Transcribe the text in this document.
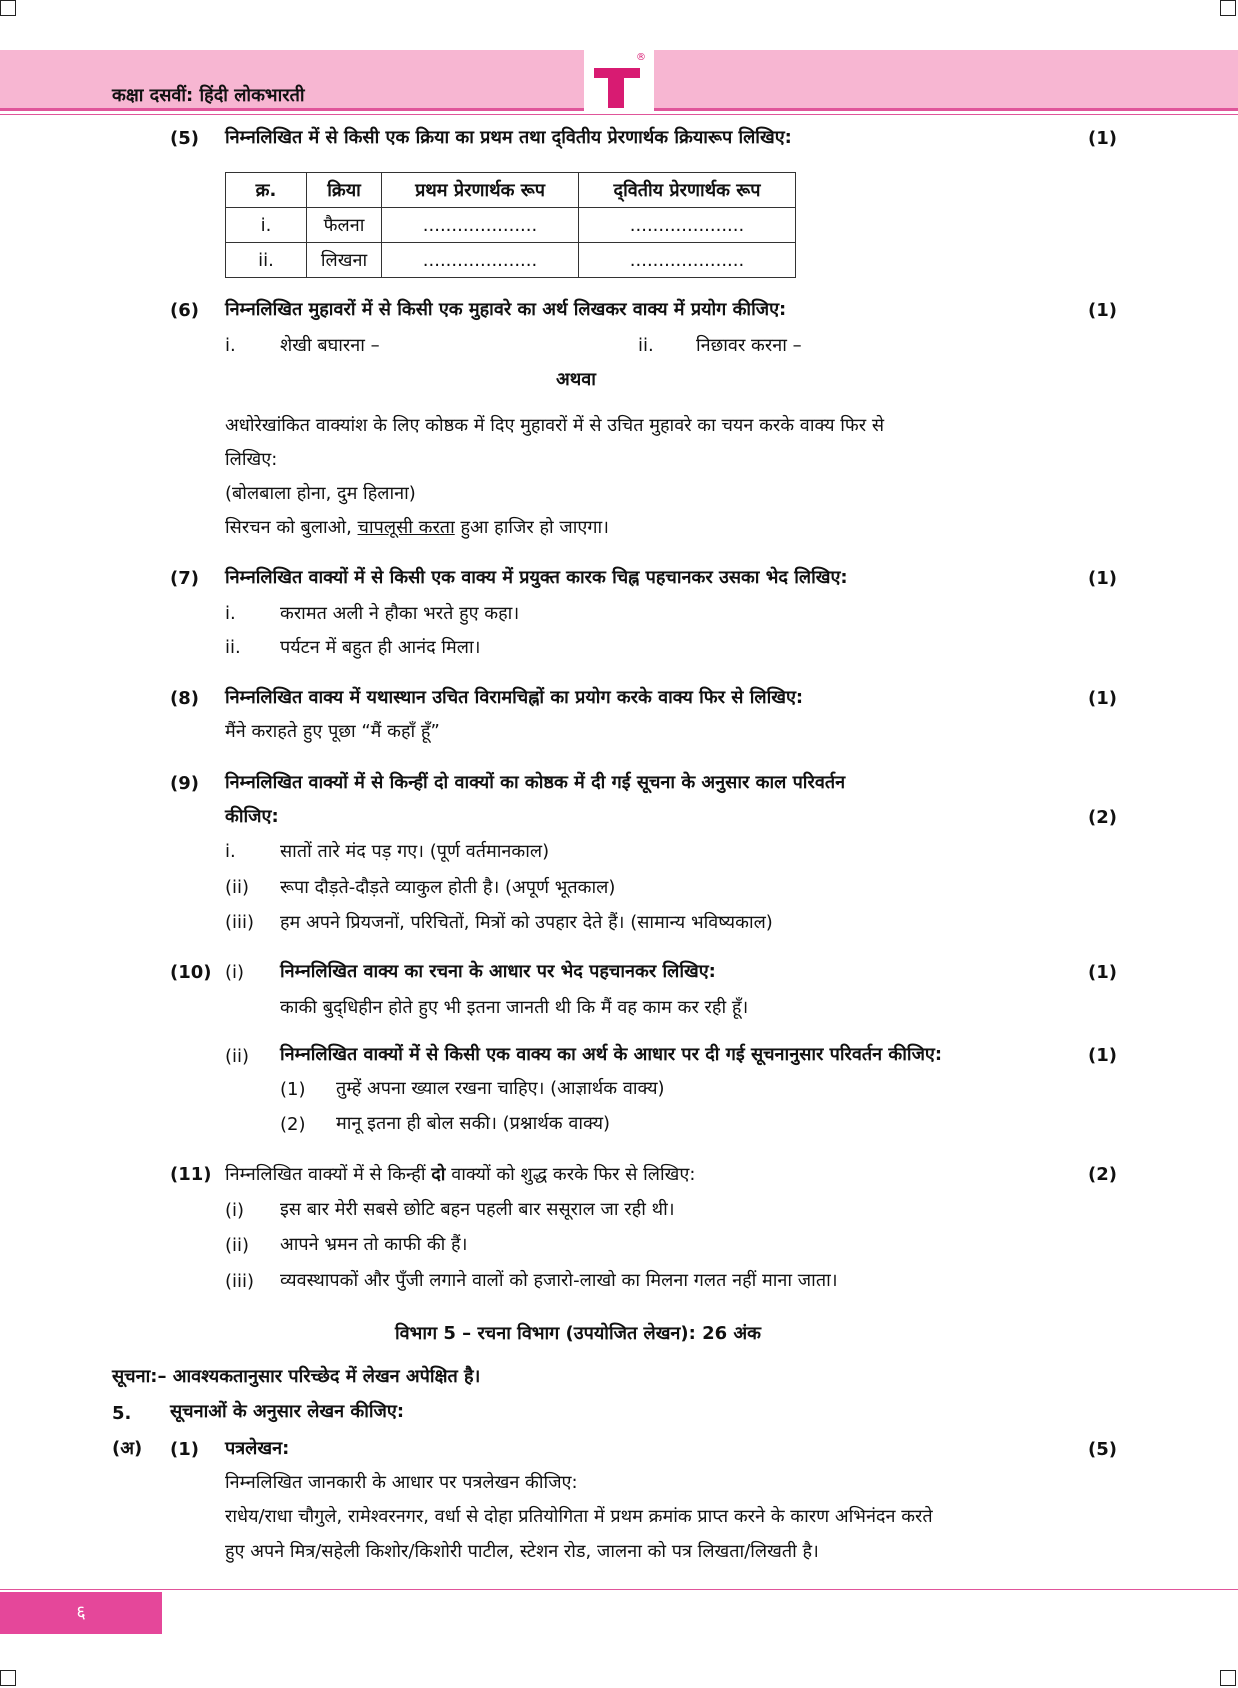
कक्षा दसवीं: हिंदी लोकभारती
®
(5) निम्नलिखित में से किसी एक क्रिया का प्रथम तथा द्‌वितीय प्रेरणार्थक क्रियारूप लिखिए:	(1)
क्र.	क्रिया	प्रथम प्रेरणार्थक रूप	द्‌वितीय प्रेरणार्थक रूप
i.	फैलना	....................	....................
ii.	लिखना	....................	....................
(6) निम्नलिखित मुहावरों में से किसी एक मुहावरे का अर्थ लिखकर वाक्य में प्रयोग कीजिए:	(1)
i. शेखी बघारना –	ii. निछावर करना –
अथवा
अधोरेखांकित वाक्यांश के लिए कोष्ठक में दिए मुहावरों में से उचित मुहावरे का चयन करके वाक्य फिर से
लिखिए:
(बोलबाला होना, दुम हिलाना)
सिरचन को बुलाओ, चापलूसी करता हुआ हाजिर हो जाएगा।
(7) निम्नलिखित वाक्यों में से किसी एक वाक्य में प्रयुक्त कारक चिह्न पहचानकर उसका भेद लिखिए:	(1)
i. करामत अली ने हौका भरते हुए कहा।
ii. पर्यटन में बहुत ही आनंद मिला।
(8) निम्नलिखित वाक्य में यथास्थान उचित विरामचिह्नों का प्रयोग करके वाक्य फिर से लिखिए:	(1)
मैंने कराहते हुए पूछा “मैं कहाँ हूँ”
(9) निम्नलिखित वाक्यों में से किन्हीं दो वाक्यों का कोष्ठक में दी गई सूचना के अनुसार काल परिवर्तन
कीजिए:	(2)
i. सातों तारे मंद पड़ गए। (पूर्ण वर्तमानकाल)
(ii) रूपा दौड़ते-दौड़ते व्याकुल होती है। (अपूर्ण भूतकाल)
(iii) हम अपने प्रियजनों, परिचितों, मित्रों को उपहार देते हैं। (सामान्य भविष्यकाल)
(10) (i) निम्नलिखित वाक्य का रचना के आधार पर भेद पहचानकर लिखिए:	(1)
काकी बुद्‌धिहीन होते हुए भी इतना जानती थी कि मैं वह काम कर रही हूँ।
(ii) निम्नलिखित वाक्यों में से किसी एक वाक्य का अर्थ के आधार पर दी गई सूचनानुसार परिवर्तन कीजिए:	(1)
(1) तुम्हें अपना ख्याल रखना चाहिए। (आज्ञार्थक वाक्य)
(2) मानू इतना ही बोल सकी। (प्रश्नार्थक वाक्य)
(11) निम्नलिखित वाक्यों में से किन्हीं दो वाक्यों को शुद्ध करके फिर से लिखिए:	(2)
(i) इस बार मेरी सबसे छोटि बहन पहली बार ससूराल जा रही थी।
(ii) आपने भ्रमन तो काफी की हैं।
(iii) व्यवस्थापकों और पुँजी लगाने वालों को हजारो-लाखो का मिलना गलत नहीं माना जाता।
विभाग 5 – रचना विभाग (उपयोजित लेखन): 26 अंक
सूचना:– आवश्यकतानुसार परिच्छेद में लेखन अपेक्षित है।
5. सूचनाओं के अनुसार लेखन कीजिए:
(अ) (1) पत्रलेखन:	(5)
निम्नलिखित जानकारी के आधार पर पत्रलेखन कीजिए:
राधेय/राधा चौगुले, रामेश्वरनगर, वर्धा से दोहा प्रतियोगिता में प्रथम क्रमांक प्राप्त करने के कारण अभिनंदन करते
हुए अपने मित्र/सहेली किशोर/किशोरी पाटील, स्टेशन रोड, जालना को पत्र लिखता/लिखती है।
६
